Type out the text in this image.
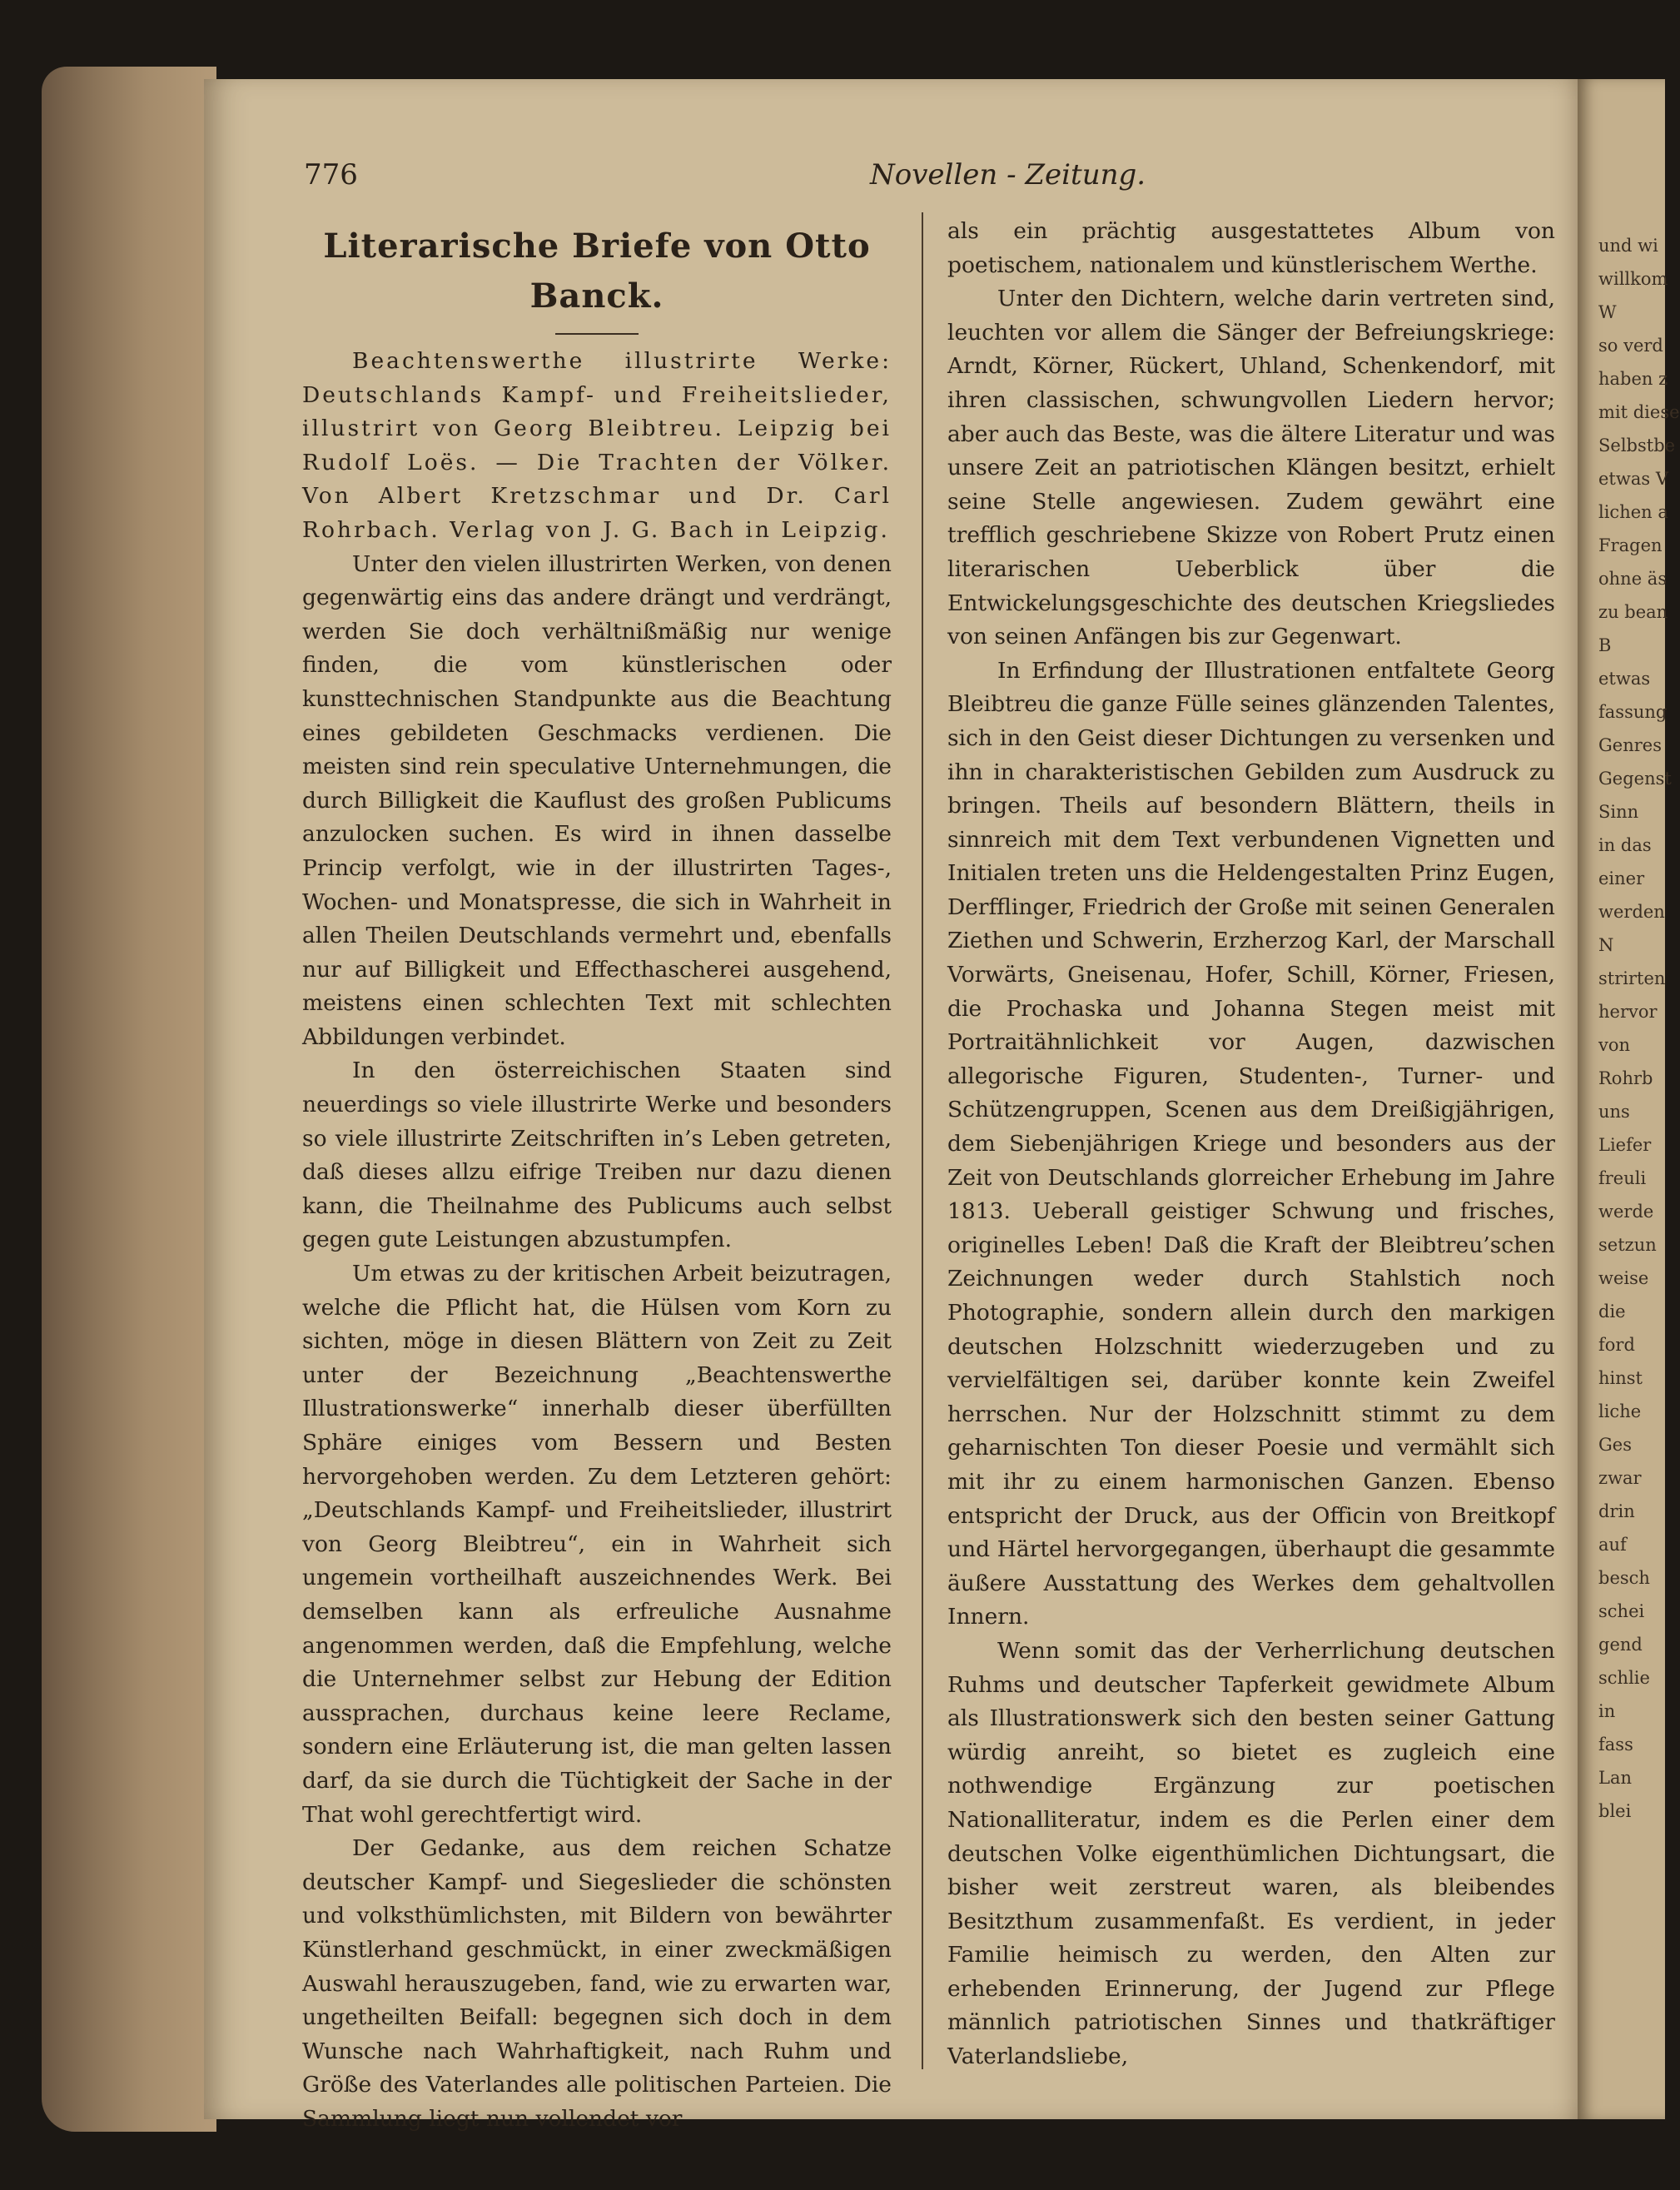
776	Novellen - Zeitung.
Literarische Briefe von Otto Banck.

Beachtenswerthe illustrirte Werke: Deutschlands Kampf- und Freiheitslieder, illustrirt von Georg Bleibtreu. Leipzig bei Rudolf Loës. — Die Trachten der Völker. Von Albert Kretzschmar und Dr. Carl Rohrbach. Verlag von J. G. Bach in Leipzig.

Unter den vielen illustrirten Werken, von denen gegenwärtig eins das andere drängt und verdrängt, werden Sie doch verhältnißmäßig nur wenige finden, die vom künstlerischen oder kunsttechnischen Standpunkte aus die Beachtung eines gebildeten Geschmacks verdienen. Die meisten sind rein speculative Unternehmungen, die durch Billigkeit die Kauflust des großen Publicums anzulocken suchen. Es wird in ihnen dasselbe Princip verfolgt, wie in der illustrirten Tages-, Wochen- und Monatspresse, die sich in Wahrheit in allen Theilen Deutschlands vermehrt und, ebenfalls nur auf Billigkeit und Effecthascherei ausgehend, meistens einen schlechten Text mit schlechten Abbildungen verbindet.

In den österreichischen Staaten sind neuerdings so viele illustrirte Werke und besonders so viele illustrirte Zeitschriften in’s Leben getreten, daß dieses allzu eifrige Treiben nur dazu dienen kann, die Theilnahme des Publicums auch selbst gegen gute Leistungen abzustumpfen.

Um etwas zu der kritischen Arbeit beizutragen, welche die Pflicht hat, die Hülsen vom Korn zu sichten, möge in diesen Blättern von Zeit zu Zeit unter der Bezeichnung „Beachtenswerthe Illustrationswerke“ innerhalb dieser überfüllten Sphäre einiges vom Bessern und Besten hervorgehoben werden. Zu dem Letzteren gehört: „Deutschlands Kampf- und Freiheitslieder, illustrirt von Georg Bleibtreu“, ein in Wahrheit sich ungemein vortheilhaft auszeichnendes Werk. Bei demselben kann als erfreuliche Ausnahme angenommen werden, daß die Empfehlung, welche die Unternehmer selbst zur Hebung der Edition aussprachen, durchaus keine leere Reclame, sondern eine Erläuterung ist, die man gelten lassen darf, da sie durch die Tüchtigkeit der Sache in der That wohl gerechtfertigt wird.

Der Gedanke, aus dem reichen Schatze deutscher Kampf- und Siegeslieder die schönsten und volksthümlichsten, mit Bildern von bewährter Künstlerhand geschmückt, in einer zweckmäßigen Auswahl herauszugeben, fand, wie zu erwarten war, ungetheilten Beifall: begegnen sich doch in dem Wunsche nach Wahrhaftigkeit, nach Ruhm und Größe des Vaterlandes alle politischen Parteien. Die Sammlung liegt nun vollendet vor

als ein prächtig ausgestattetes Album von poetischem, nationalem und künstlerischem Werthe.

Unter den Dichtern, welche darin vertreten sind, leuchten vor allem die Sänger der Befreiungskriege: Arndt, Körner, Rückert, Uhland, Schenkendorf, mit ihren classischen, schwungvollen Liedern hervor; aber auch das Beste, was die ältere Literatur und was unsere Zeit an patriotischen Klängen besitzt, erhielt seine Stelle angewiesen. Zudem gewährt eine trefflich geschriebene Skizze von Robert Prutz einen literarischen Ueberblick über die Entwickelungsgeschichte des deutschen Kriegsliedes von seinen Anfängen bis zur Gegenwart.

In Erfindung der Illustrationen entfaltete Georg Bleibtreu die ganze Fülle seines glänzenden Talentes, sich in den Geist dieser Dichtungen zu versenken und ihn in charakteristischen Gebilden zum Ausdruck zu bringen. Theils auf besondern Blättern, theils in sinnreich mit dem Text verbundenen Vignetten und Initialen treten uns die Heldengestalten Prinz Eugen, Derfflinger, Friedrich der Große mit seinen Generalen Ziethen und Schwerin, Erzherzog Karl, der Marschall Vorwärts, Gneisenau, Hofer, Schill, Körner, Friesen, die Prochaska und Johanna Stegen meist mit Portraitähnlichkeit vor Augen, dazwischen allegorische Figuren, Studenten-, Turner- und Schützengruppen, Scenen aus dem Dreißigjährigen, dem Siebenjährigen Kriege und besonders aus der Zeit von Deutschlands glorreicher Erhebung im Jahre 1813. Ueberall geistiger Schwung und frisches, originelles Leben! Daß die Kraft der Bleibtreu’schen Zeichnungen weder durch Stahlstich noch Photographie, sondern allein durch den markigen deutschen Holzschnitt wiederzugeben und zu vervielfältigen sei, darüber konnte kein Zweifel herrschen. Nur der Holzschnitt stimmt zu dem geharnischten Ton dieser Poesie und vermählt sich mit ihr zu einem harmonischen Ganzen. Ebenso entspricht der Druck, aus der Officin von Breitkopf und Härtel hervorgegangen, überhaupt die gesammte äußere Ausstattung des Werkes dem gehaltvollen Innern.

Wenn somit das der Verherrlichung deutschen Ruhms und deutscher Tapferkeit gewidmete Album als Illustrationswerk sich den besten seiner Gattung würdig anreiht, so bietet es zugleich eine nothwendige Ergänzung zur poetischen Nationalliteratur, indem es die Perlen einer dem deutschen Volke eigenthümlichen Dichtungsart, die bisher weit zerstreut waren, als bleibendes Besitzthum zusammenfaßt. Es verdient, in jeder Familie heimisch zu werden, den Alten zur erhebenden Erinnerung, der Jugend zur Pflege männlich patriotischen Sinnes und thatkräftiger Vaterlandsliebe,

und wi
willkom
W
so verd
haben z
mit diese
Selbstbe
etwas V
lichen a
Fragen
ohne äs
zu bean
B
etwas
fassung
Genres
Gegenst
Sinn
in das
einer
werden
N
strirten
hervor
von
Rohrb
uns
Liefer
freuli
werde
setzun
weise
die
ford
hinst
liche
Ges
zwar
drin
auf
besch
schei
gend
schlie
in
fass
Lan
blei
